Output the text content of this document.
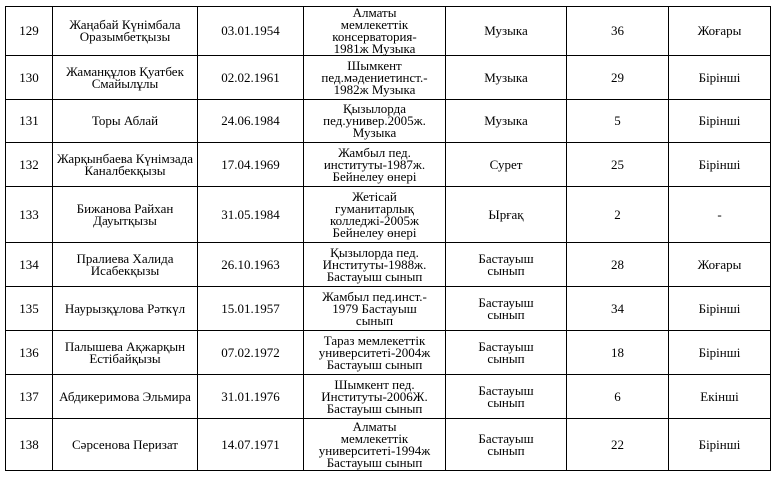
129	Жаңабай Күнімбала
Оразымбетқызы	03.01.1954	Алматы
мемлекеттік
консерватория-
1981ж Музыка	Музыка	36	Жоғары
130	Жаманқұлов Қуатбек
Смайылұлы	02.02.1961	Шымкент
пед.мәдениетинст.-
1982ж Музыка	Музыка	29	Бірінші
131	Торы Аблай	24.06.1984	Қызылорда
пед.универ.2005ж.
Музыка	Музыка	5	Бірінші
132	Жарқынбаева Күнімзада
Каналбекқызы	17.04.1969	Жамбыл пед.
институты-1987ж.
Бейнелеу өнері	Сурет	25	Бірінші
133	Бижанова Райхан
Дауытқызы	31.05.1984	Жетісай
гуманитарлық
колледжі-2005ж
Бейнелеу өнері	Ырғақ	2	-
134	Пралиева Халида
Исабекқызы	26.10.1963	Қызылорда пед.
Институты-1988ж.
Бастауыш сынып	Бастауыш
сынып	28	Жоғары
135	Наурызқұлова Рәткүл	15.01.1957	Жамбыл пед.инст.-
1979 Бастауыш
сынып	Бастауыш
сынып	34	Бірінші
136	Палышева Ақжарқын
Естібайқызы	07.02.1972	Тараз мемлекеттік
университеті-2004ж
Бастауыш сынып	Бастауыш
сынып	18	Бірінші
137	Абдикеримова Эльмира	31.01.1976	Шымкент пед.
Институты-2006Ж.
Бастауыш сынып	Бастауыш
сынып	6	Екінші
138	Сәрсенова Перизат	14.07.1971	Алматы
мемлекеттік
университеті-1994ж
Бастауыш сынып	Бастауыш
сынып	22	Бірінші
